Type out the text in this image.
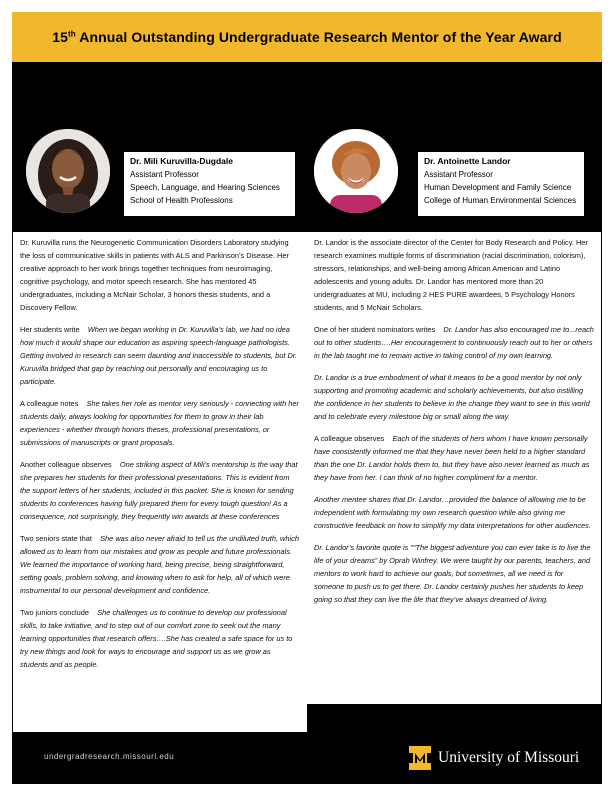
15th Annual Outstanding Undergraduate Research Mentor of the Year Award
Dr. Mili Kuruvilla-Dugdale
Assistant Professor
Speech, Language, and Hearing Sciences
School of Health Professions
Dr. Antoinette Landor
Assistant Professor
Human Development and Family Science
College of Human Environmental Sciences

Dr. Kuruvilla runs the Neurogenetic Communication Disorders Laboratory studying the loss of communicative skills in patients with ALS and Parkinson’s Disease. Her creative approach to her work brings together techniques from neuroimaging, cognitive psychology, and motor speech research. She has mentored 45 undergraduates, including a McNair Scholar, 3 honors thesis students, and a Discovery Fellow.

Her students write When we began working in Dr. Kuruvilla’s lab, we had no idea how much it would shape our education as aspiring speech-language pathologists. Getting involved in research can seem daunting and inaccessible to students, but Dr. Kuruvilla bridged that gap by reaching out personally and encouraging us to participate.

A colleague notes She takes her role as mentor very seriously - connecting with her students daily, always looking for opportunities for them to grow in their lab experiences - whether through honors theses, professional presentations, or submissions of manuscripts or grant proposals.

Another colleague observes One striking aspect of Mili’s mentorship is the way that she prepares her students for their professional presentations. This is evident from the support letters of her students, included in this packet. She is known for sending students to conferences having fully prepared them for every tough question! As a consequence, not surprisingly, they frequently win awards at these conferences

Two seniors state that She was also never afraid to tell us the undiluted truth, which allowed us to learn from our mistakes and grow as people and future professionals. We learned the importance of working hard, being precise, being straightforward, setting goals, problem solving, and knowing when to ask for help, all of which were instrumental to our personal development and confidence.

Two juniors conclude She challenges us to continue to develop our professional skills, to take initiative, and to step out of our comfort zone to seek out the many learning opportunities that research offers….She has created a safe space for us to try new things and look for ways to encourage and support us as we grow as students and as people.

Dr. Landor is the associate director of the Center for Body Research and Policy. Her research examines multiple forms of discrimination (racial discrimination, colorism), stressors, relationships, and well-being among African American and Latino adolescents and young adults. Dr. Landor has mentored more than 20 undergraduates at MU, including 2 HES PURE awardees, 5 Psychology Honors students, and 5 McNair Scholars.

One of her student nominators writes Dr. Landor has also encouraged me to...reach out to other students….Her encouragement to continuously reach out to her or others in the lab taught me to remain active in taking control of my own learning.

Dr. Landor is a true embodiment of what it means to be a good mentor by not only supporting and promoting academic and scholarly achievements, but also instilling the confidence in her students to believe in the change they want to see in this world and to celebrate every milestone big or small along the way.

A colleague observes Each of the students of hers whom I have known personally have consistently informed me that they have never been held to a higher standard than the one Dr. Landor holds them to, but they have also never learned as much as they have from her. I can think of no higher compliment for a mentor.

Another mentee shares that Dr. Landor…provided the balance of allowing me to be independent with formulating my own research question while also giving me constructive feedback on how to simplify my data interpretations for other audiences.

Dr. Landor’s favorite quote is "“The biggest adventure you can ever take is to live the life of your dreams” by Oprah Winfrey. We were taught by our parents, teachers, and mentors to work hard to achieve our goals, but sometimes, all we need is for someone to push us to get there. Dr. Landor certainly pushes her students to keep going so that they can live the life that they’ve always dreamed of living.

undergradresearch.missouri.edu	University of Missouri
